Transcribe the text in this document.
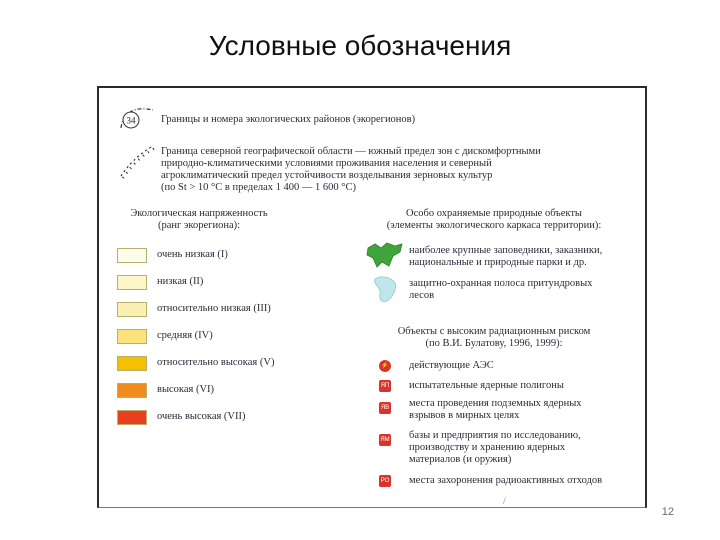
Условные обозначения
34 Границы и номера экологических районов (экорегионов)
Граница северной географической области — южный предел зон с дискомфортными
природно-климатическими условиями проживания населения и северный
агроклиматический предел устойчивости возделывания зерновых культур
(по St > 10 °C в пределах 1 400 — 1 600 °C)
Экологическая напряженность
(ранг экорегиона):
очень низкая (I)
низкая (II)
относительно низкая (III)
средняя (IV)
относительно высокая (V)
высокая (VI)
очень высокая (VII)
Особо охраняемые природные объекты
(элементы экологического каркаса территории):
наиболее крупные заповедники, заказники,
национальные и природные парки и др.
защитно-охранная полоса притундровых
лесов
Объекты с высоким радиационным риском
(по В.И. Булатову, 1996, 1999):
⚡ действующие АЭС
ЯП испытательные ядерные полигоны
ЯВ места проведения подземных ядерных
взрывов в мирных целях
ЯМ базы и предприятия по исследованию,
производству и хранению ядерных
материалов (и оружия)
РО места захоронения радиоактивных отходов
/
12
